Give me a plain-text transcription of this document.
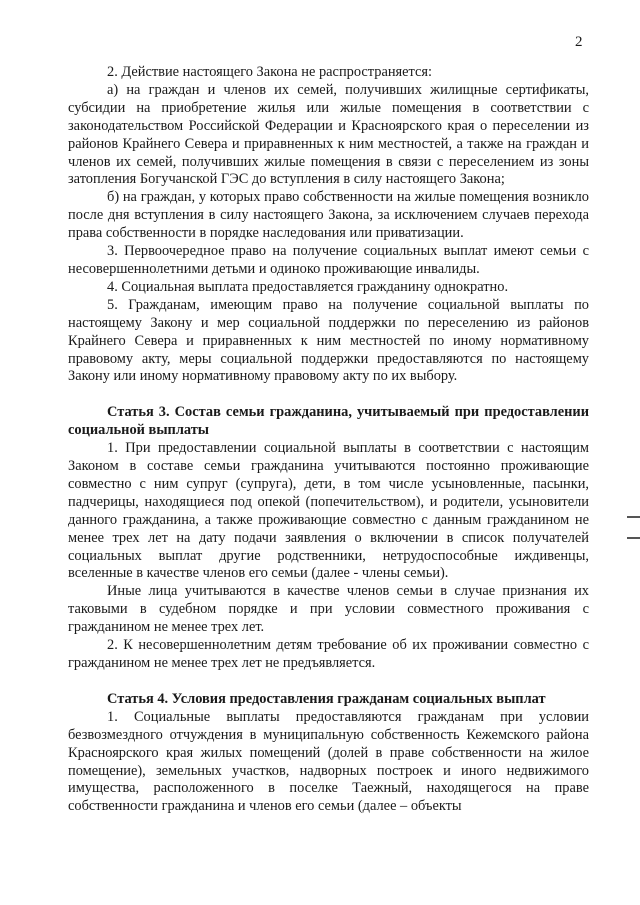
2

2. Действие настоящего Закона не распространяется:

а) на граждан и членов их семей, получивших жилищные сертификаты, субсидии на приобретение жилья или жилые помещения в соответствии с законодательством Российской Федерации и Красноярского края о переселении из районов Крайнего Севера и приравненных к ним местностей, а также на граждан и членов их семей, получивших жилые помещения в связи с переселением из зоны затопления Богучанской ГЭС до вступления в силу настоящего Закона;

б) на граждан, у которых право собственности на жилые помещения возникло после дня вступления в силу настоящего Закона, за исключением случаев перехода права собственности в порядке наследования или приватизации.

3. Первоочередное право на получение социальных выплат имеют семьи с несовершеннолетними детьми и одиноко проживающие инвалиды.

4. Социальная выплата предоставляется гражданину однократно.

5. Гражданам, имеющим право на получение социальной выплаты по настоящему Закону и мер социальной поддержки по переселению из районов Крайнего Севера и приравненных к ним местностей по иному нормативному правовому акту, меры социальной поддержки предоставляются по настоящему Закону или иному нормативному правовому акту по их выбору.

Статья 3. Состав семьи гражданина, учитываемый при предоставлении социальной выплаты

1. При предоставлении социальной выплаты в соответствии с настоящим Законом в составе семьи гражданина учитываются постоянно проживающие совместно с ним супруг (супруга), дети, в том числе усыновленные, пасынки, падчерицы, находящиеся под опекой (попечительством), и родители, усыновители данного гражданина, а также проживающие совместно с данным гражданином не менее трех лет на дату подачи заявления о включении в список получателей социальных выплат другие родственники, нетрудоспособные иждивенцы, вселенные в качестве членов его семьи (далее - члены семьи).

Иные лица учитываются в качестве членов семьи в случае признания их таковыми в судебном порядке и при условии совместного проживания с гражданином не менее трех лет.

2. К несовершеннолетним детям требование об их проживании совместно с гражданином не менее трех лет не предъявляется.

Статья 4. Условия предоставления гражданам социальных выплат

1. Социальные выплаты предоставляются гражданам при условии безвозмездного отчуждения в муниципальную собственность Кежемского района Красноярского края жилых помещений (долей в праве собственности на жилое помещение), земельных участков, надворных построек и иного недвижимого имущества, расположенного в поселке Таежный, находящегося на праве собственности гражданина и членов его семьи (далее – объекты
